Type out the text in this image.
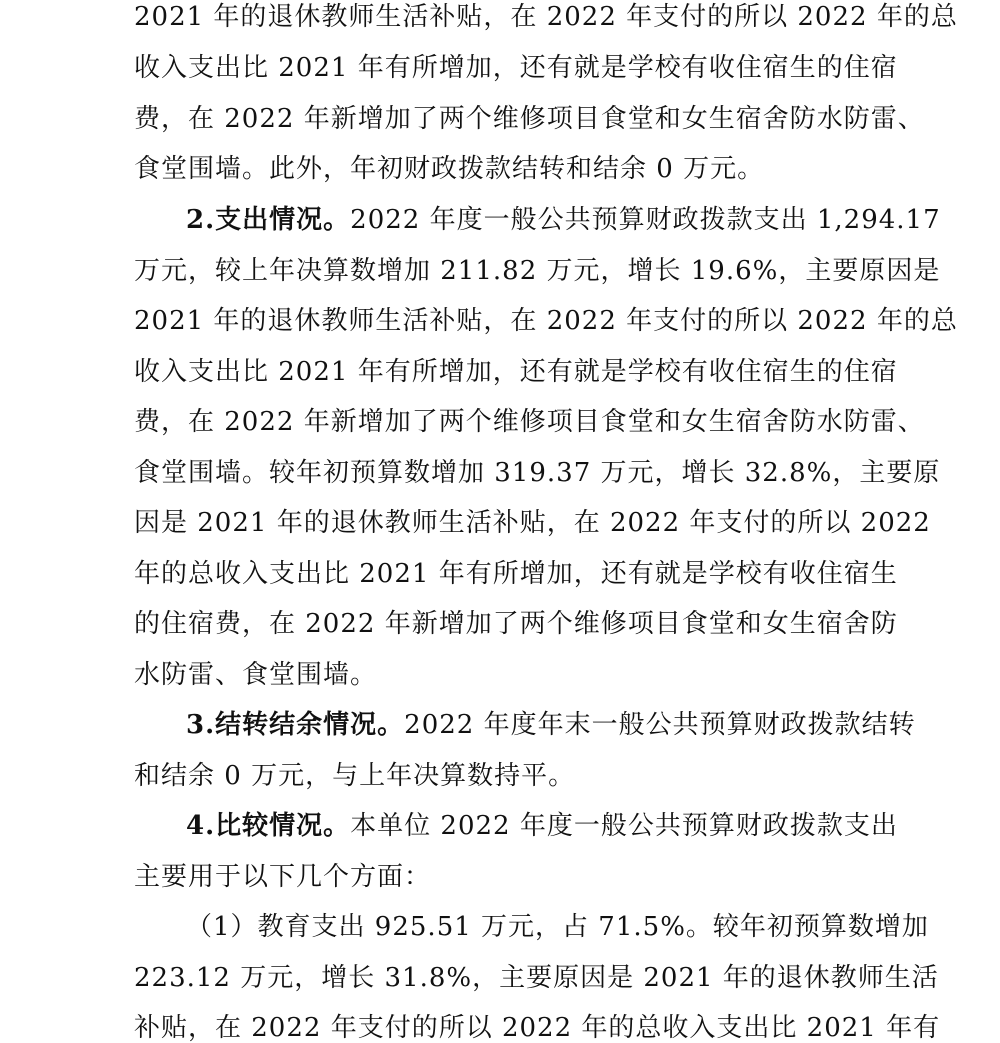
2021 年的退休教师生活补贴，在 2022 年支付的所以 2022 年的总
收入支出比 2021 年有所增加，还有就是学校有收住宿生的住宿
费，在 2022 年新增加了两个维修项目食堂和女生宿舍防水防雷、
食堂围墙。此外，年初财政拨款结转和结余 0 万元。
2.支出情况。2022 年度一般公共预算财政拨款支出 1,294.17
万元，较上年决算数增加 211.82 万元，增长 19.6%，主要原因是
2021 年的退休教师生活补贴，在 2022 年支付的所以 2022 年的总
收入支出比 2021 年有所增加，还有就是学校有收住宿生的住宿
费，在 2022 年新增加了两个维修项目食堂和女生宿舍防水防雷、
食堂围墙。较年初预算数增加 319.37 万元，增长 32.8%，主要原
因是 2021 年的退休教师生活补贴，在 2022 年支付的所以 2022
年的总收入支出比 2021 年有所增加，还有就是学校有收住宿生
的住宿费，在 2022 年新增加了两个维修项目食堂和女生宿舍防
水防雷、食堂围墙。
3.结转结余情况。2022 年度年末一般公共预算财政拨款结转
和结余 0 万元，与上年决算数持平。
4.比较情况。本单位 2022 年度一般公共预算财政拨款支出
主要用于以下几个方面：
（1）教育支出 925.51 万元，占 71.5%。较年初预算数增加
223.12 万元，增长 31.8%，主要原因是 2021 年的退休教师生活
补贴，在 2022 年支付的所以 2022 年的总收入支出比 2021 年有
